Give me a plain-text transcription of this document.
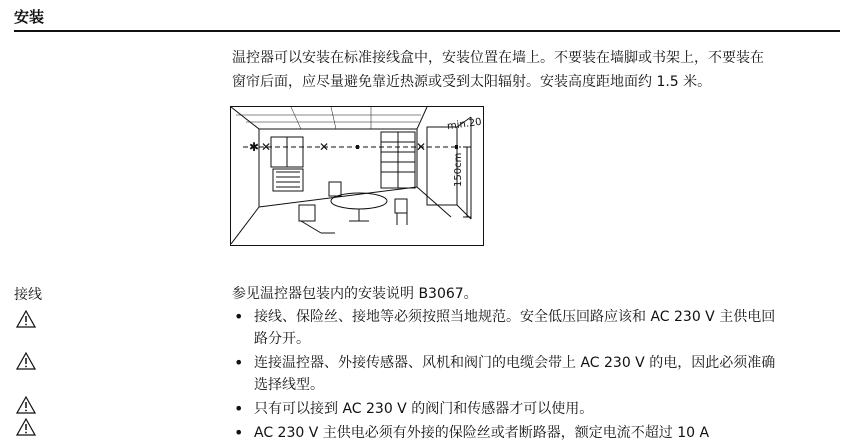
安装
温控器可以安装在标准接线盒中，安装位置在墙上。不要装在墙脚或书架上，不要装在
窗帘后面，应尽量避免靠近热源或受到太阳辐射。安装高度距地面约 1.5 米。
✱ ✕	✕	✕
min.20
150cm
接线	参见温控器包装内的安装说明 B3067。
• 接线、保险丝、接地等必须按照当地规范。安全低压回路应该和 AC 230 V 主供电回
路分开。
• 连接温控器、外接传感器、风机和阀门的电缆会带上 AC 230 V 的电，因此必须准确
选择线型。
• 只有可以接到 AC 230 V 的阀门和传感器才可以使用。
• AC 230 V 主供电必须有外接的保险丝或者断路器，额定电流不超过 10 A
